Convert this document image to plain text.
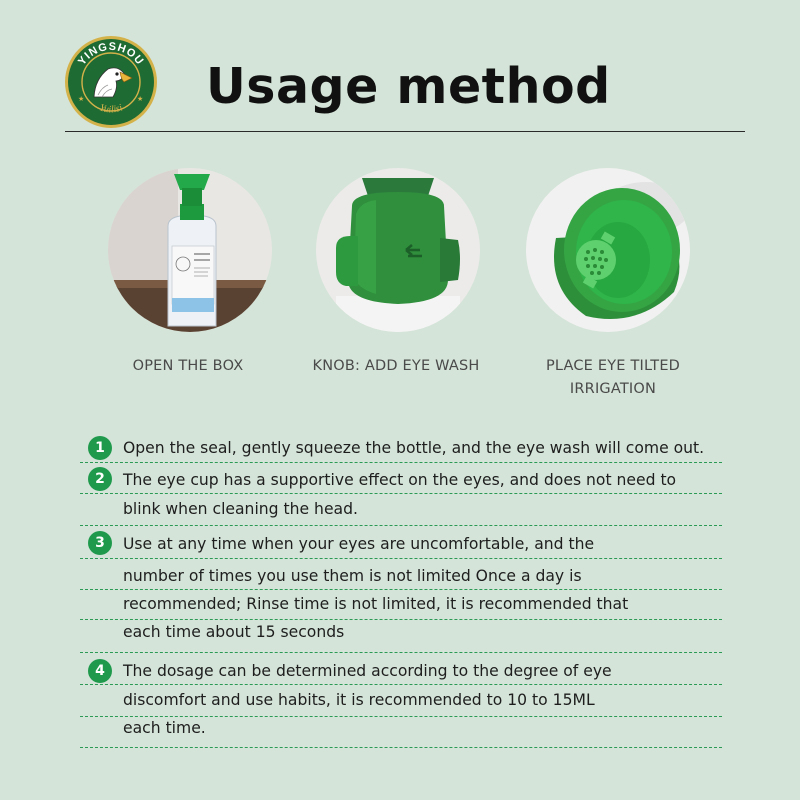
YINGSHOU
Yuilisi
★	★ Usage method
OPEN THE BOX	KNOB: ADD EYE WASH	PLACE EYE TILTED
IRRIGATION
1	Open the seal, gently squeeze the bottle, and the eye wash will come out.
2	The eye cup has a supportive effect on the eyes, and does not need to
blink when cleaning the head.
3	Use at any time when your eyes are uncomfortable, and the
number of times you use them is not limited Once a day is
recommended; Rinse time is not limited, it is recommended that
each time about 15 seconds
4	The dosage can be determined according to the degree of eye
discomfort and use habits, it is recommended to 10 to 15ML
each time.
